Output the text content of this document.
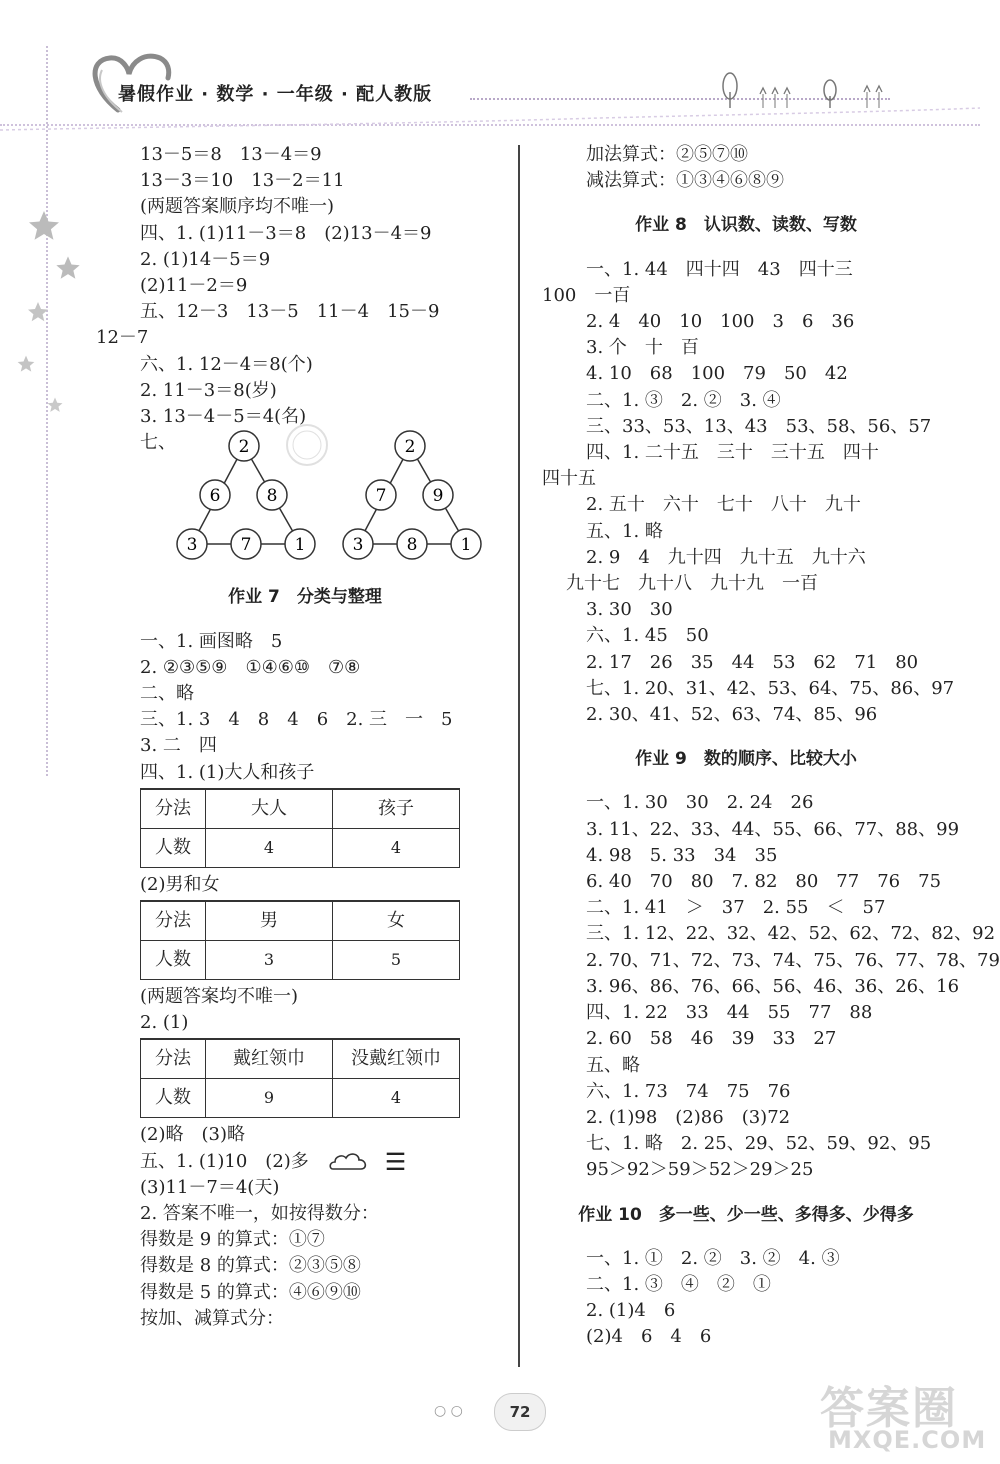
暑假作业 · 数学 · 一年级 · 配人教版
13－5＝8　13－4＝9
13－3＝10　13－2＝11
(两题答案顺序均不唯一)
四、1. (1)11－3＝8　(2)13－4＝9
2. (1)14－5＝9
(2)11－2＝9
五、12－3　13－5　11－4　15－9
12－7
六、1. 12－4＝8(个)
2. 11－3＝8(岁)
3. 13－4－5＝4(名)
七、	2
6	8
3	7	1
2
7	9
3	8	1
作业 7　分类与整理
一、1. 画图略　5
2. ②③⑤⑨　①④⑥⑩　⑦⑧
二、略
三、1. 3　4　8　4　6　2. 三　一　5
3. 二　四
四、1. (1)大人和孩子
分法	大人	孩子
人数	4	4
(2)男和女
分法	男	女
人数	3	5
(两题答案均不唯一)
2. (1)
分法	戴红领巾	没戴红领巾
人数	9	4
(2)略　(3)略
五、1. (1)10　(2)多	☰
(3)11－7＝4(天)
2. 答案不唯一，如按得数分：
得数是 9 的算式：①⑦
得数是 8 的算式：②③⑤⑧
得数是 5 的算式：④⑥⑨⑩
按加、减算式分：
加法算式：②⑤⑦⑩
减法算式：①③④⑥⑧⑨
作业 8　认识数、读数、写数
一、1. 44　四十四　43　四十三
100　一百
2. 4　40　10　100　3　6　36
3. 个　十　百
4. 10　68　100　79　50　42
二、1. ③　2. ②　3. ④
三、33、53、13、43　53、58、56、57
四、1. 二十五　三十　三十五　四十
四十五
2. 五十　六十　七十　八十　九十
五、1. 略
2. 9　4　九十四　九十五　九十六
九十七　九十八　九十九　一百
3. 30　30
六、1. 45　50
2. 17　26　35　44　53　62　71　80
七、1. 20、31、42、53、64、75、86、97
2. 30、41、52、63、74、85、96
作业 9　数的顺序、比较大小
一、1. 30　30　2. 24　26
3. 11、22、33、44、55、66、77、88、99
4. 98　5. 33　34　35
6. 40　70　80　7. 82　80　77　76　75
二、1. 41　＞　37　2. 55　＜　57
三、1. 12、22、32、42、52、62、72、82、92
2. 70、71、72、73、74、75、76、77、78、79
3. 96、86、76、66、56、46、36、26、16
四、1. 22　33　44　55　77　88
2. 60　58　46　39　33　27
五、略
六、1. 73　74　75　76
2. (1)98　(2)86　(3)72
七、1. 略　2. 25、29、52、59、92、95
95＞92＞59＞52＞29＞25
作业 10　多一些、少一些、多得多、少得多
一、1. ①　2. ②　3. ②　4. ③
二、1. ③　④　②　①
2. (1)4　6
(2)4　6　4　6
○ ○	72	答案圈
MXQE.COM
